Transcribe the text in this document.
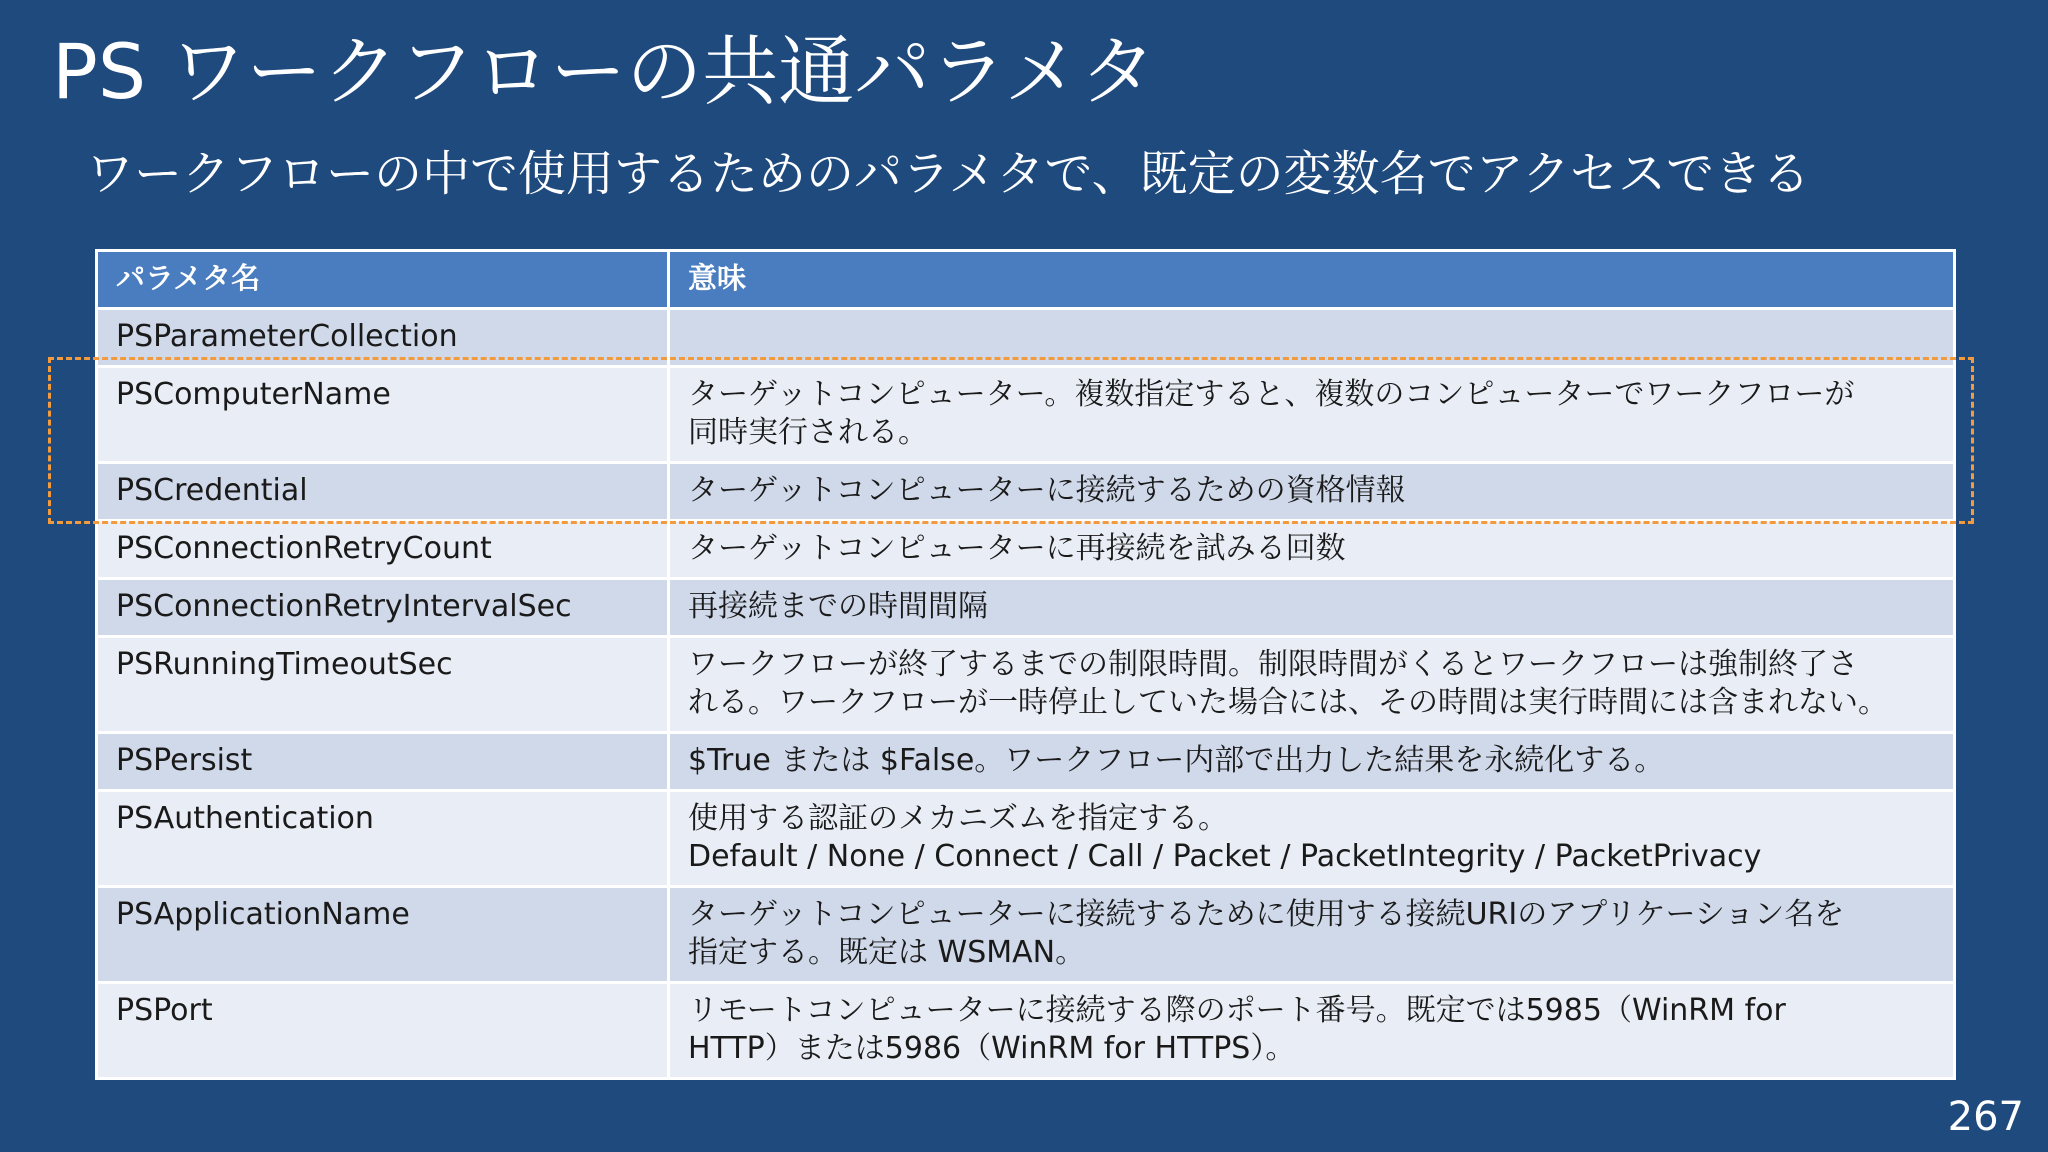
PS ワークフローの共通パラメタ
ワークフローの中で使用するためのパラメタで、既定の変数名でアクセスできる
パラメタ名	意味
PSParameterCollection	
PSComputerName	ターゲットコンピューター。複数指定すると、複数のコンピューターでワークフローが
同時実行される。

PSCredential	ターゲットコンピューターに接続するための資格情報

PSConnectionRetryCount	ターゲットコンピューターに再接続を試みる回数

PSConnectionRetryIntervalSec	再接続までの時間間隔

PSRunningTimeoutSec	ワークフローが終了するまでの制限時間。制限時間がくるとワークフローは強制終了さ
れる。ワークフローが一時停止していた場合には、その時間は実行時間には含まれない。

PSPersist	$True または $False。ワークフロー内部で出力した結果を永続化する。

PSAuthentication	使用する認証のメカニズムを指定する。
Default / None / Connect / Call / Packet / PacketIntegrity / PacketPrivacy

PSApplicationName	ターゲットコンピューターに接続するために使用する接続URIのアプリケーション名を
指定する。既定は WSMAN。

PSPort	リモートコンピューターに接続する際のポート番号。既定では5985（WinRM for
HTTP）または5986（WinRM for HTTPS）。
267
